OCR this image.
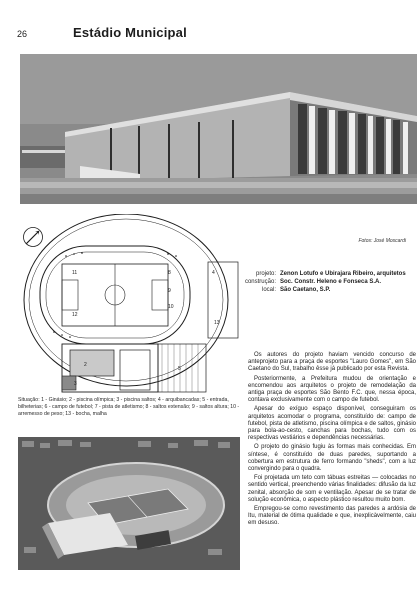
26	Estádio Municipal
Fotos: José Moscardi
2
3
4
5
8
9
10
11
12
13
projeto: Zenon Lotufo e Ubirajara Ribeiro, arquitetos
construção: Soc. Constr. Heleno e Fonseca S.A.
local: São Caetano, S.P.
Situação: 1 - Ginásio; 2 - piscina olímpica; 3 - piscina saltos; 4 - arquibancadas; 5 - entrada, bilheterias; 6 - campo de futebol; 7 - pista de atletismo; 8 - saltos extensão; 9 - saltos altura; 10 - arremesso de peso; 13 - bocha, malha

Os autores do projeto haviam vencido concurso de anteprojeto para a praça de esportes "Lauro Gomes", em São Caetano do Sul, trabalho êsse já publicado por esta Revista.

Posteriormente, a Prefeitura mudou de orientação e encomendou aos arquitetos o projeto de remodelação da antiga praça de esportes São Bento F.C. que, nessa época, contava exclusivamente com o campo de futebol.

Apesar do exíguo espaço disponível, conseguiram os arquitetos acomodar o programa, constituído de: campo de futebol, pista de atletismo, piscina olímpica e de saltos, ginásio para bola-ao-cesto, canchas para bochas, tudo com os respectivas vestiários e dependências necessárias.

O projeto do ginásio fugiu às formas mais conhecidas. Em síntese, é constituído de duas paredes, suportando a cobertura em estrutura de ferro formando "sheds", com a luz convergindo para o quadra.

Foi projetada um teto com tábuas estreitas — colocadas no sentido vertical, preenchendo várias finalidades: difusão da luz zenital, absorção de som e ventilação. Apesar de se tratar de solução econômica, o aspecto plástico resultou muito bom.

Empregou-se como revestimento das paredes a ardósia de Itu, material de ótima qualidade e que, inexplicàvelmente, caiu em desuso.
